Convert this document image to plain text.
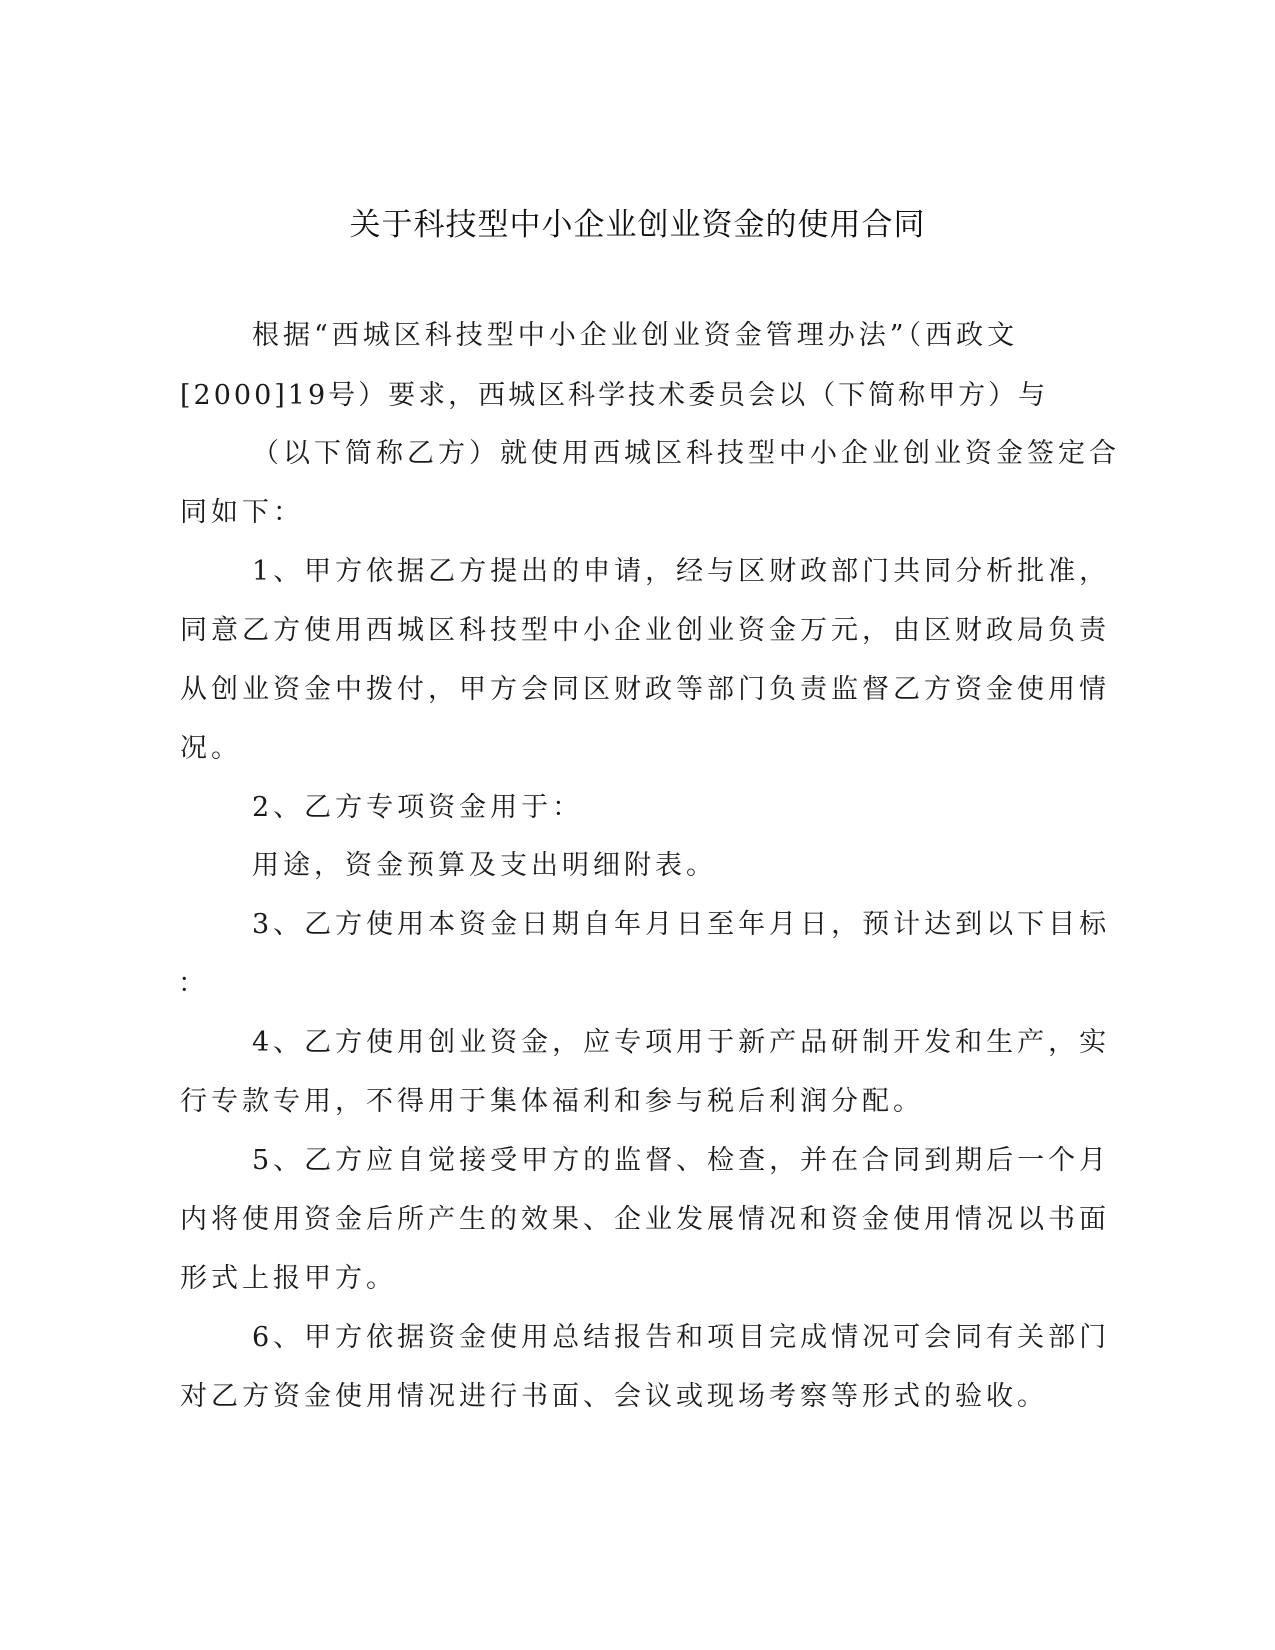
关于科技型中小企业创业资金的使用合同
根据“西城区科技型中小企业创业资金管理办法”（西政文
[2000]19号）要求，西城区科学技术委员会以（下简称甲方）与
（以下简称乙方）就使用西城区科技型中小企业创业资金签定合
同如下：
1、甲方依据乙方提出的申请，经与区财政部门共同分析批准，
同意乙方使用西城区科技型中小企业创业资金万元，由区财政局负责
从创业资金中拨付，甲方会同区财政等部门负责监督乙方资金使用情
况。
2、乙方专项资金用于：
用途，资金预算及支出明细附表。
3、乙方使用本资金日期自年月日至年月日，预计达到以下目标
：
4、乙方使用创业资金，应专项用于新产品研制开发和生产，实
行专款专用，不得用于集体福利和参与税后利润分配。
5、乙方应自觉接受甲方的监督、检查，并在合同到期后一个月
内将使用资金后所产生的效果、企业发展情况和资金使用情况以书面
形式上报甲方。
6、甲方依据资金使用总结报告和项目完成情况可会同有关部门
对乙方资金使用情况进行书面、会议或现场考察等形式的验收。
